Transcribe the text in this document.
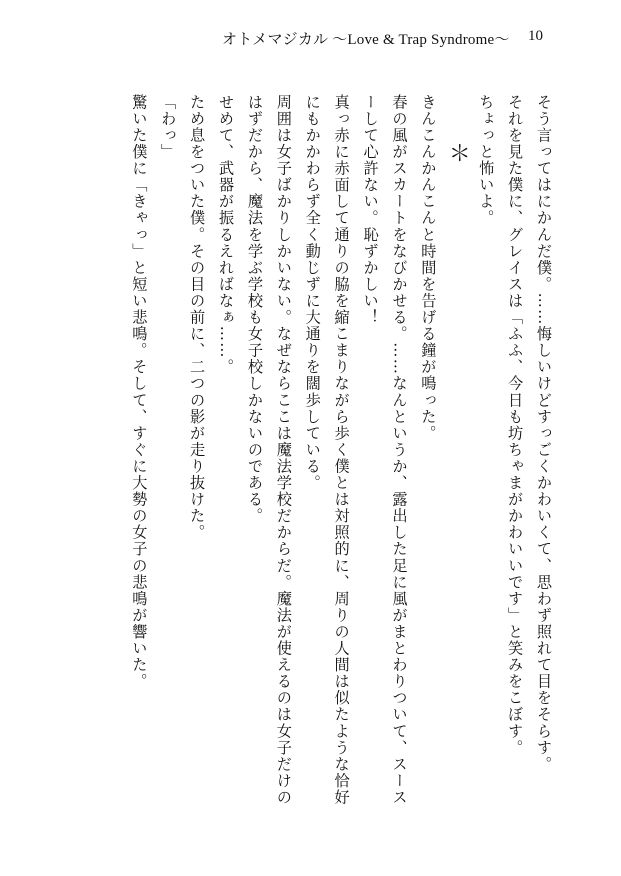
オトメマジカル 〜Love & Trap Syndrome〜 10

そう言ってはにかんだ僕。……悔しいけどすっごくかわいくて、思わず照れて目をそらす。

それを見た僕に、グレイスは「ふふ、今日も坊ちゃまがかわいいです」と笑みをこぼす。

ちょっと怖いよ。

＊

きんこんかんこんと時間を告げる鐘が鳴った。

春の風がスカートをなびかせる。……なんというか、露出した足に風がまとわりついて、スースーして心許ない。恥ずかしい！

真っ赤に赤面して通りの脇を縮こまりながら歩く僕とは対照的に、周りの人間は似たような恰好にもかかわらず全く動じずに大通りを闊歩している。

周囲は女子ばかりしかいない。なぜならここは魔法学校だからだ。魔法が使えるのは女子だけのはずだから、魔法を学ぶ学校も女子校しかないのである。

せめて、武器が振るえればなぁ……。

ため息をついた僕。その目の前に、二つの影が走り抜けた。

「わっ」

驚いた僕に「きゃっ」と短い悲鳴。そして、すぐに大勢の女子の悲鳴が響いた。
